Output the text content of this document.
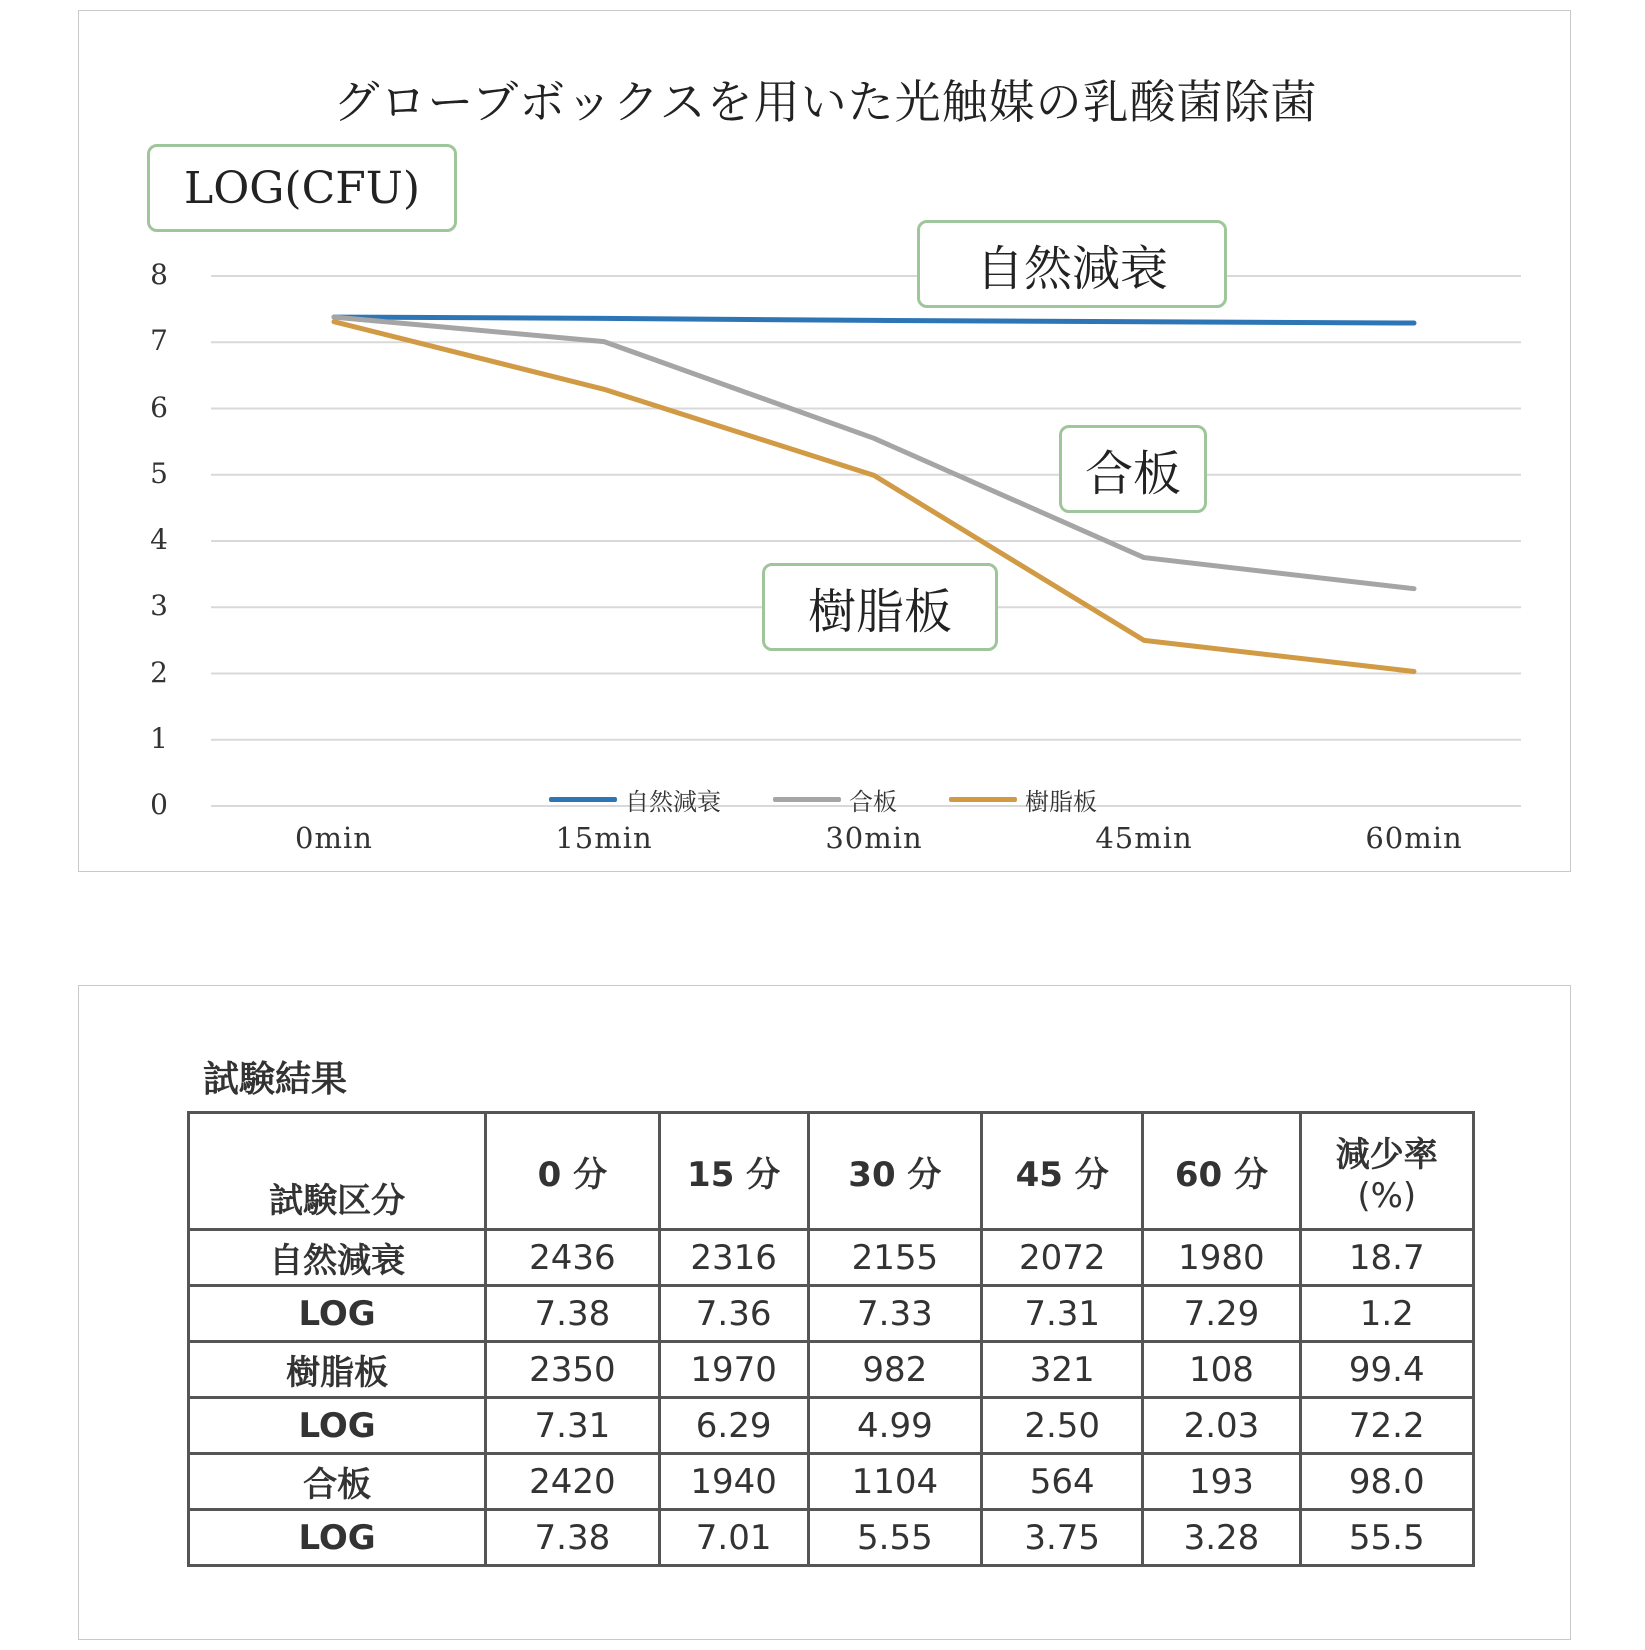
グローブボックスを用いた光触媒の乳酸菌除菌
LOG(CFU)
自然減衰
合板
樹脂板
0
1
2
3
4
5
6
7
8
0min	15min	30min	45min	60min
自然減衰	合板	樹脂板
試験結果
試験区分	0 分	15 分	30 分	45 分	60 分	減少率
(%)

自然減衰	2436	2316	2155	2072	1980	18.7
LOG	7.38	7.36	7.33	7.31	7.29	1.2
樹脂板	2350	1970	982	321	108	99.4
LOG	7.31	6.29	4.99	2.50	2.03	72.2
合板	2420	1940	1104	564	193	98.0
LOG	7.38	7.01	5.55	3.75	3.28	55.5
